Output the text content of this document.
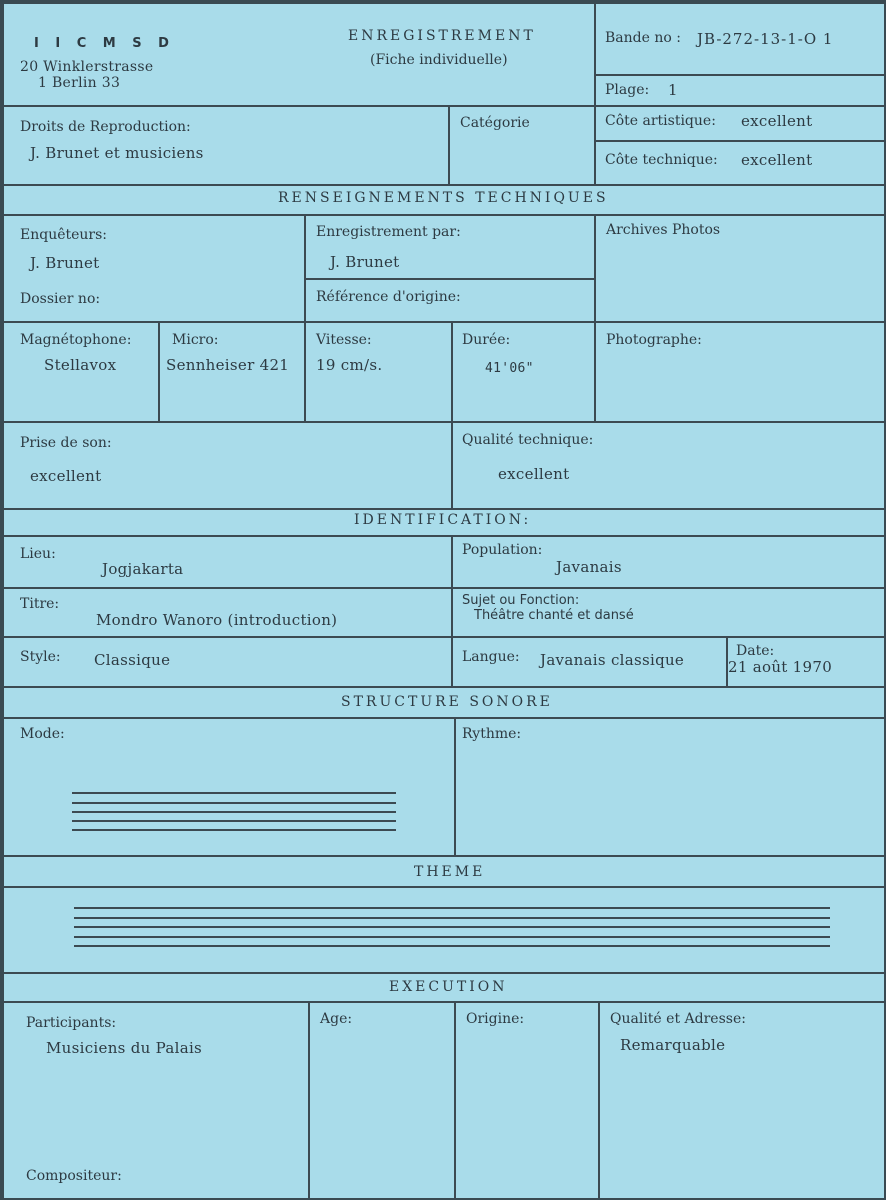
I I C M S D
20 Winklerstrasse
1 Berlin 33
ENREGISTREMENT
(Fiche individuelle)
Bande no : JB-272-13-1-O 1
Plage: 1
Droits de Reproduction:
J. Brunet et musiciens
Catégorie	Côte artistique: excellent
Côte technique: excellent
RENSEIGNEMENTS TECHNIQUES
Enquêteurs:
J. Brunet
Enregistrement par:
J. Brunet
Archives Photos
Dossier no:	Référence d'origine:
Magnétophone:
Stellavox
Micro:
Sennheiser 421
Vitesse:
19 cm/s.
Durée:
41'06"
Photographe:
Prise de son:
excellent
Qualité technique:
excellent
IDENTIFICATION:
Lieu:
Jogjakarta
Population:
Javanais
Titre:
Mondro Wanoro (introduction)
Sujet ou Fonction:
Théâtre chanté et dansé
Style: Classique	Langue: Javanais classique	Date:
21 août 1970
STRUCTURE SONORE
Mode:	Rythme:
THEME
EXECUTION
Participants:
Musiciens du Palais
Age:	Origine:	Qualité et Adresse:
Remarquable
Compositeur:
